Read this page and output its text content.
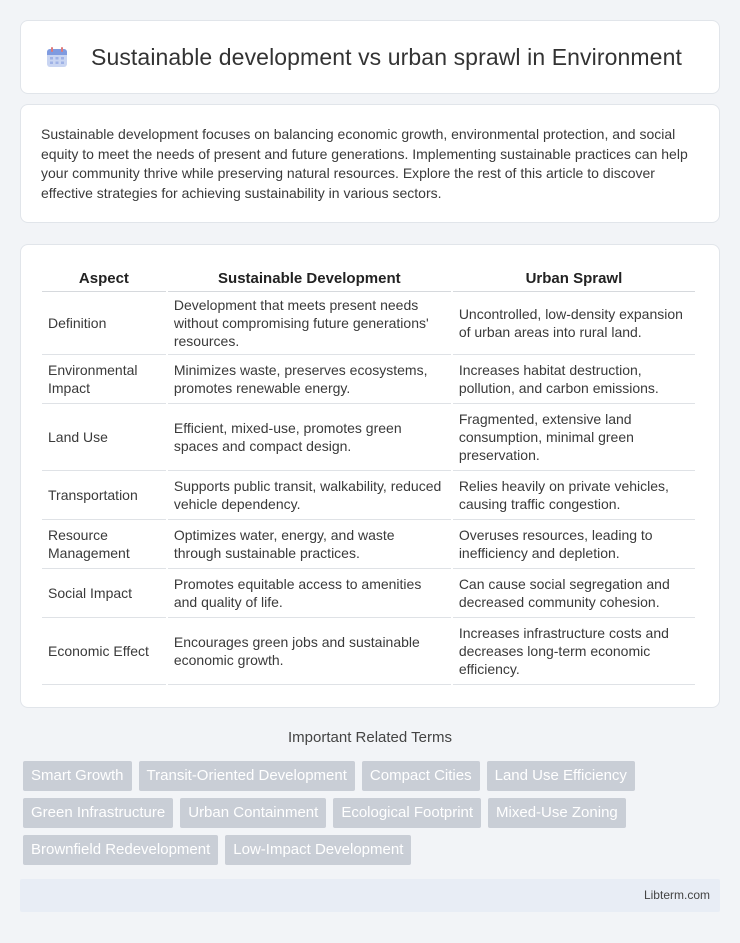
Sustainable development vs urban sprawl in Environment

Sustainable development focuses on balancing economic growth, environmental protection, and social equity to meet the needs of present and future generations. Implementing sustainable practices can help your community thrive while preserving natural resources. Explore the rest of this article to discover effective strategies for achieving sustainability in various sectors.

Aspect	Sustainable Development	Urban Sprawl
Definition	Development that meets present needs without compromising future generations' resources.	Uncontrolled, low-density expansion of urban areas into rural land.
Environmental Impact	Minimizes waste, preserves ecosystems, promotes renewable energy.	Increases habitat destruction, pollution, and carbon emissions.
Land Use	Efficient, mixed-use, promotes green spaces and compact design.	Fragmented, extensive land consumption, minimal green preservation.
Transportation	Supports public transit, walkability, reduced vehicle dependency.	Relies heavily on private vehicles, causing traffic congestion.
Resource Management	Optimizes water, energy, and waste through sustainable practices.	Overuses resources, leading to inefficiency and depletion.
Social Impact	Promotes equitable access to amenities and quality of life.	Can cause social segregation and decreased community cohesion.
Economic Effect	Encourages green jobs and sustainable economic growth.	Increases infrastructure costs and decreases long-term economic efficiency.
Important Related Terms
Smart Growth	Transit-Oriented Development	Compact Cities	Land Use Efficiency
Green Infrastructure	Urban Containment	Ecological Footprint	Mixed-Use Zoning
Brownfield Redevelopment	Low-Impact Development
Libterm.com
